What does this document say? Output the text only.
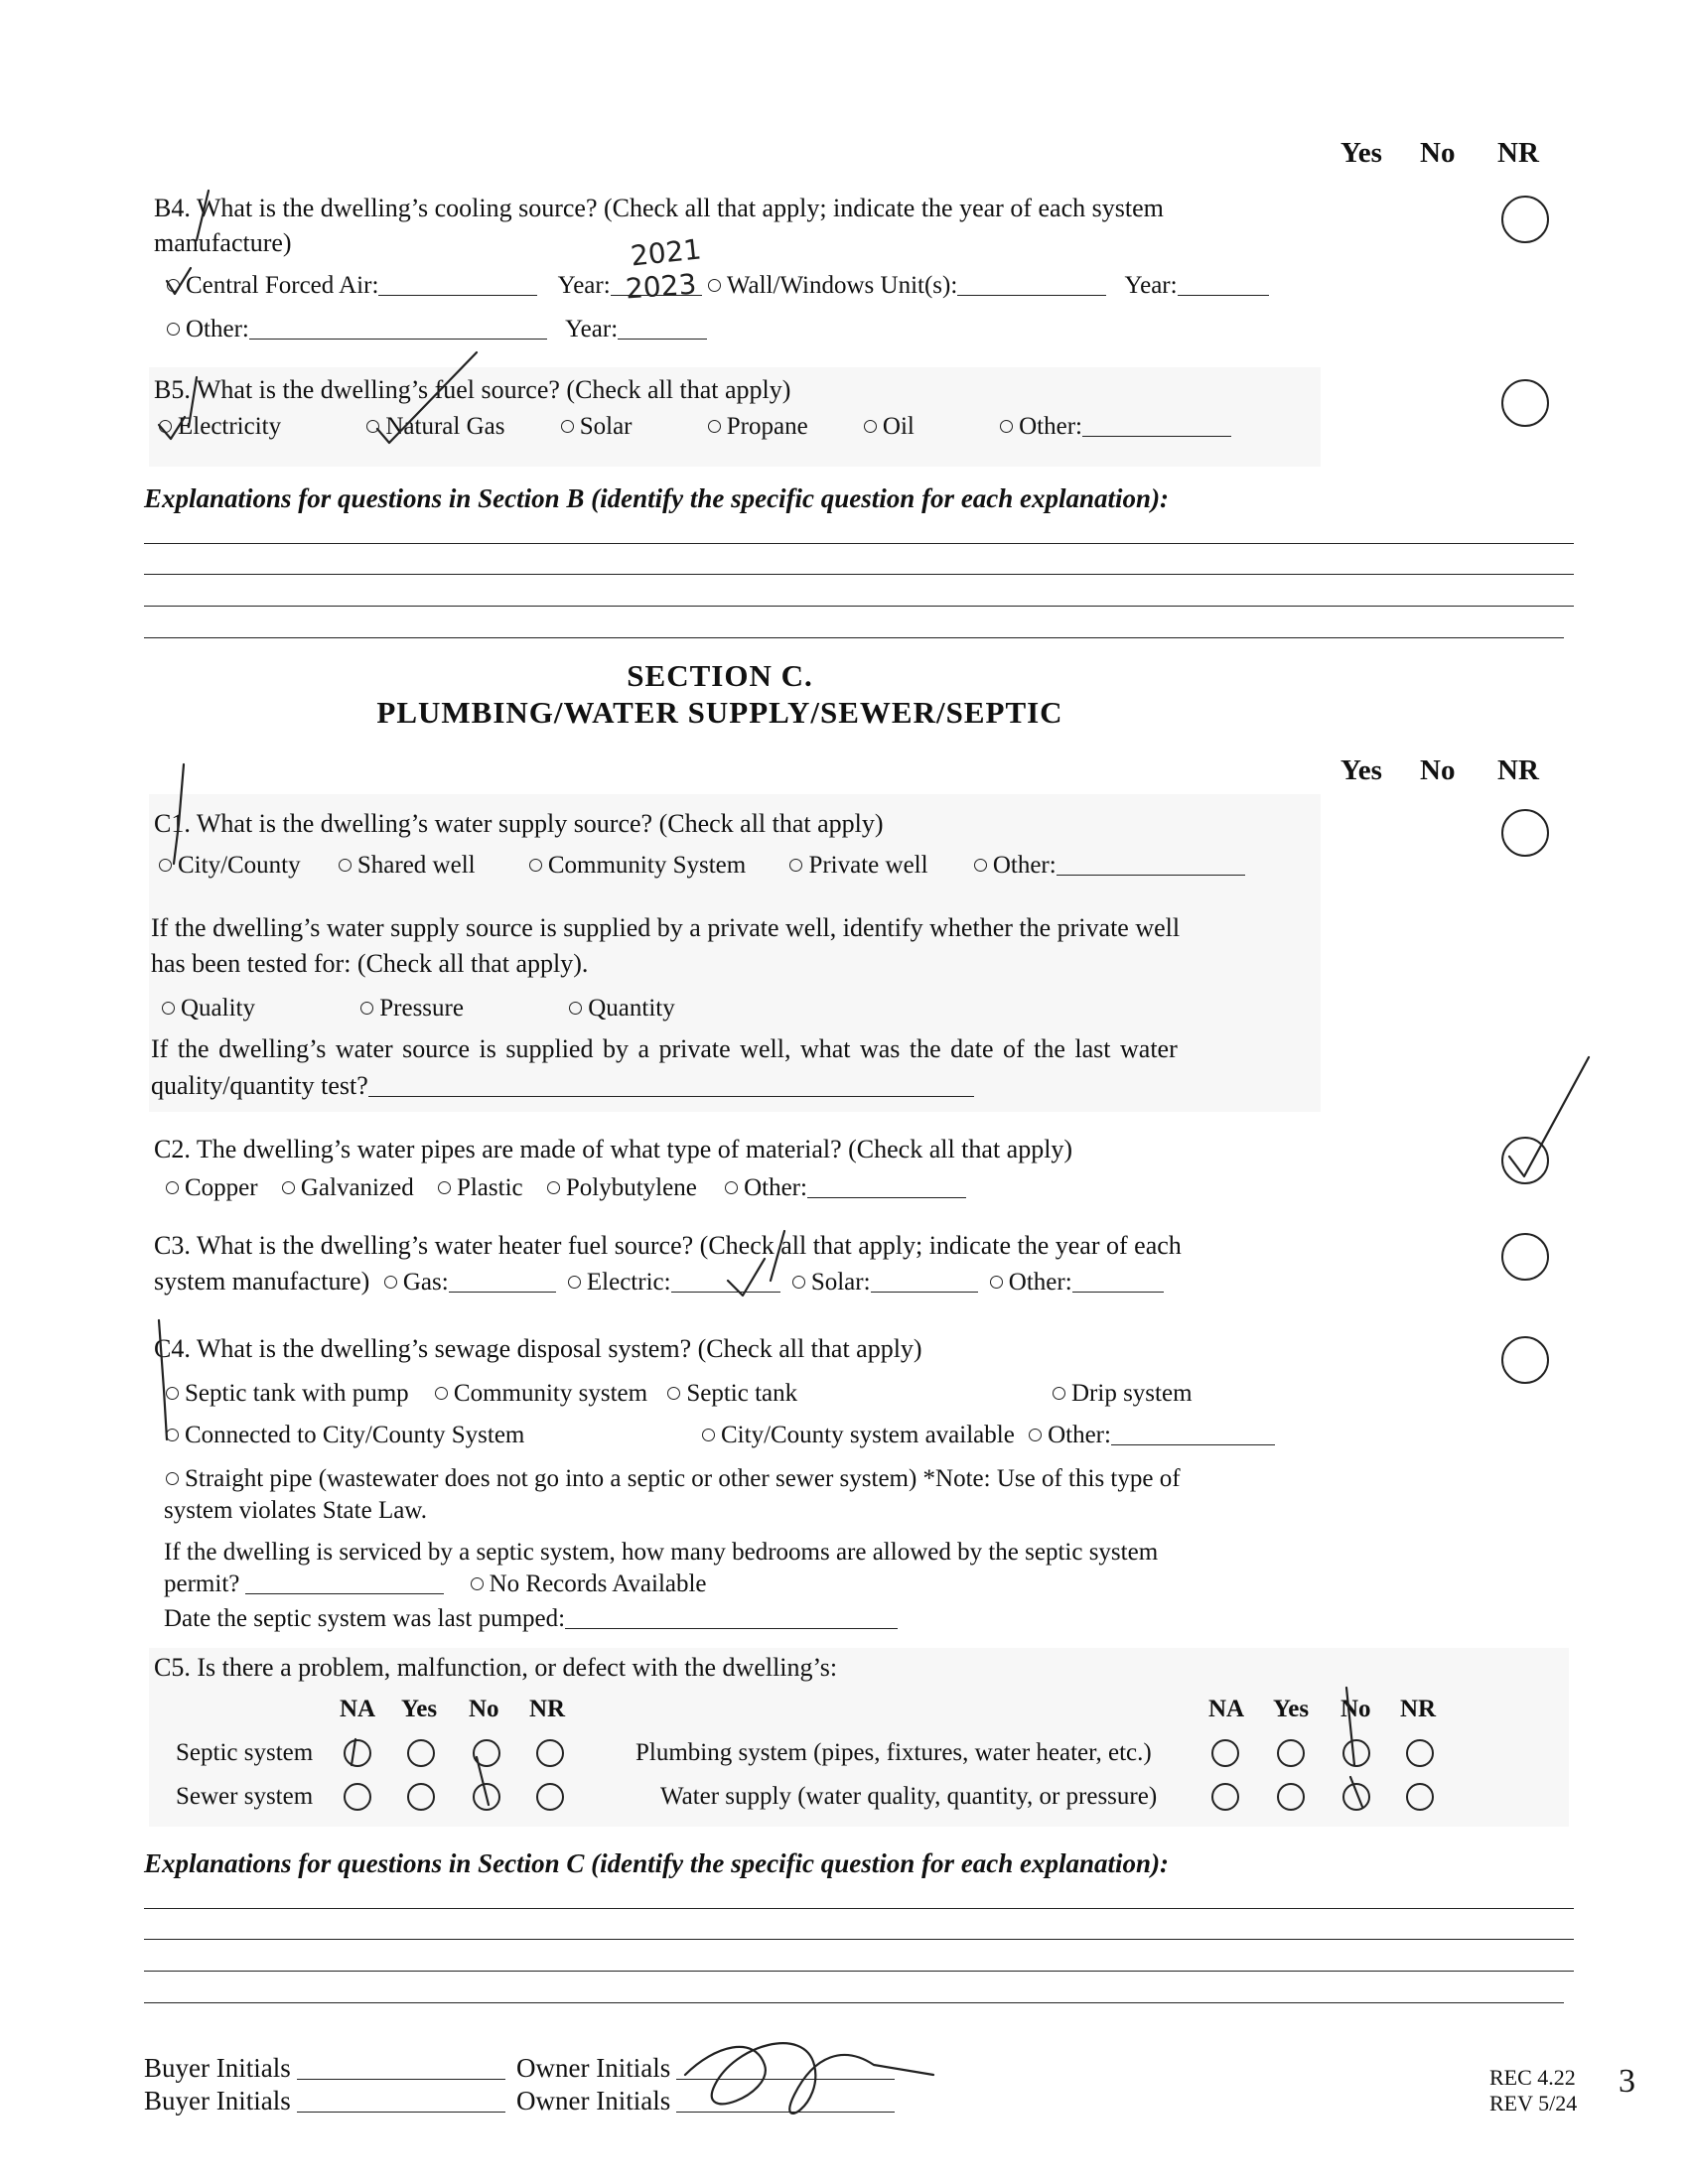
Yes No NR
B4. What is the dwelling’s cooling source? (Check all that apply; indicate the year of each system
manufacture)
Central Forced Air:	Year:	Wall/Windows Unit(s):	Year:
2021
2023
Other:	Year:
B5. What is the dwelling’s fuel source? (Check all that apply)
Electricity	Natural Gas	Solar	Propane	Oil	Other:
Explanations for questions in Section B (identify the specific question for each explanation):
SECTION C.
PLUMBING/WATER SUPPLY/SEWER/SEPTIC
Yes No NR
C1. What is the dwelling’s water supply source? (Check all that apply)
City/County Shared well	Community System	Private well	Other:
If the dwelling’s water supply source is supplied by a private well, identify whether the private well
has been tested for: (Check all that apply).
Quality	Pressure	Quantity
If the dwelling’s water source is supplied by a private well, what was the date of the last water
quality/quantity test?
C2. The dwelling’s water pipes are made of what type of material? (Check all that apply)
Copper Galvanized Plastic Polybutylene Other:
C3. What is the dwelling’s water heater fuel source? (Check all that apply; indicate the year of each
system manufacture) Gas:	Electric:	Solar:	Other:
C4. What is the dwelling’s sewage disposal system? (Check all that apply)
Septic tank with pump Community system Septic tank	Drip system
Connected to City/County System	City/County system available Other:
Straight pipe (wastewater does not go into a septic or other sewer system) *Note: Use of this type of
system violates State Law.
If the dwelling is serviced by a septic system, how many bedrooms are allowed by the septic system
permit?	No Records Available
Date the septic system was last pumped:
C5. Is there a problem, malfunction, or defect with the dwelling’s:
NA Yes No NR	NA Yes No NR
Septic system	Plumbing system (pipes, fixtures, water heater, etc.)
Sewer system	Water supply (water quality, quantity, or pressure)
Explanations for questions in Section C (identify the specific question for each explanation):
Buyer Initials
Buyer Initials
Owner Initials
Owner Initials
REC 4.22
REV 5/24
3
